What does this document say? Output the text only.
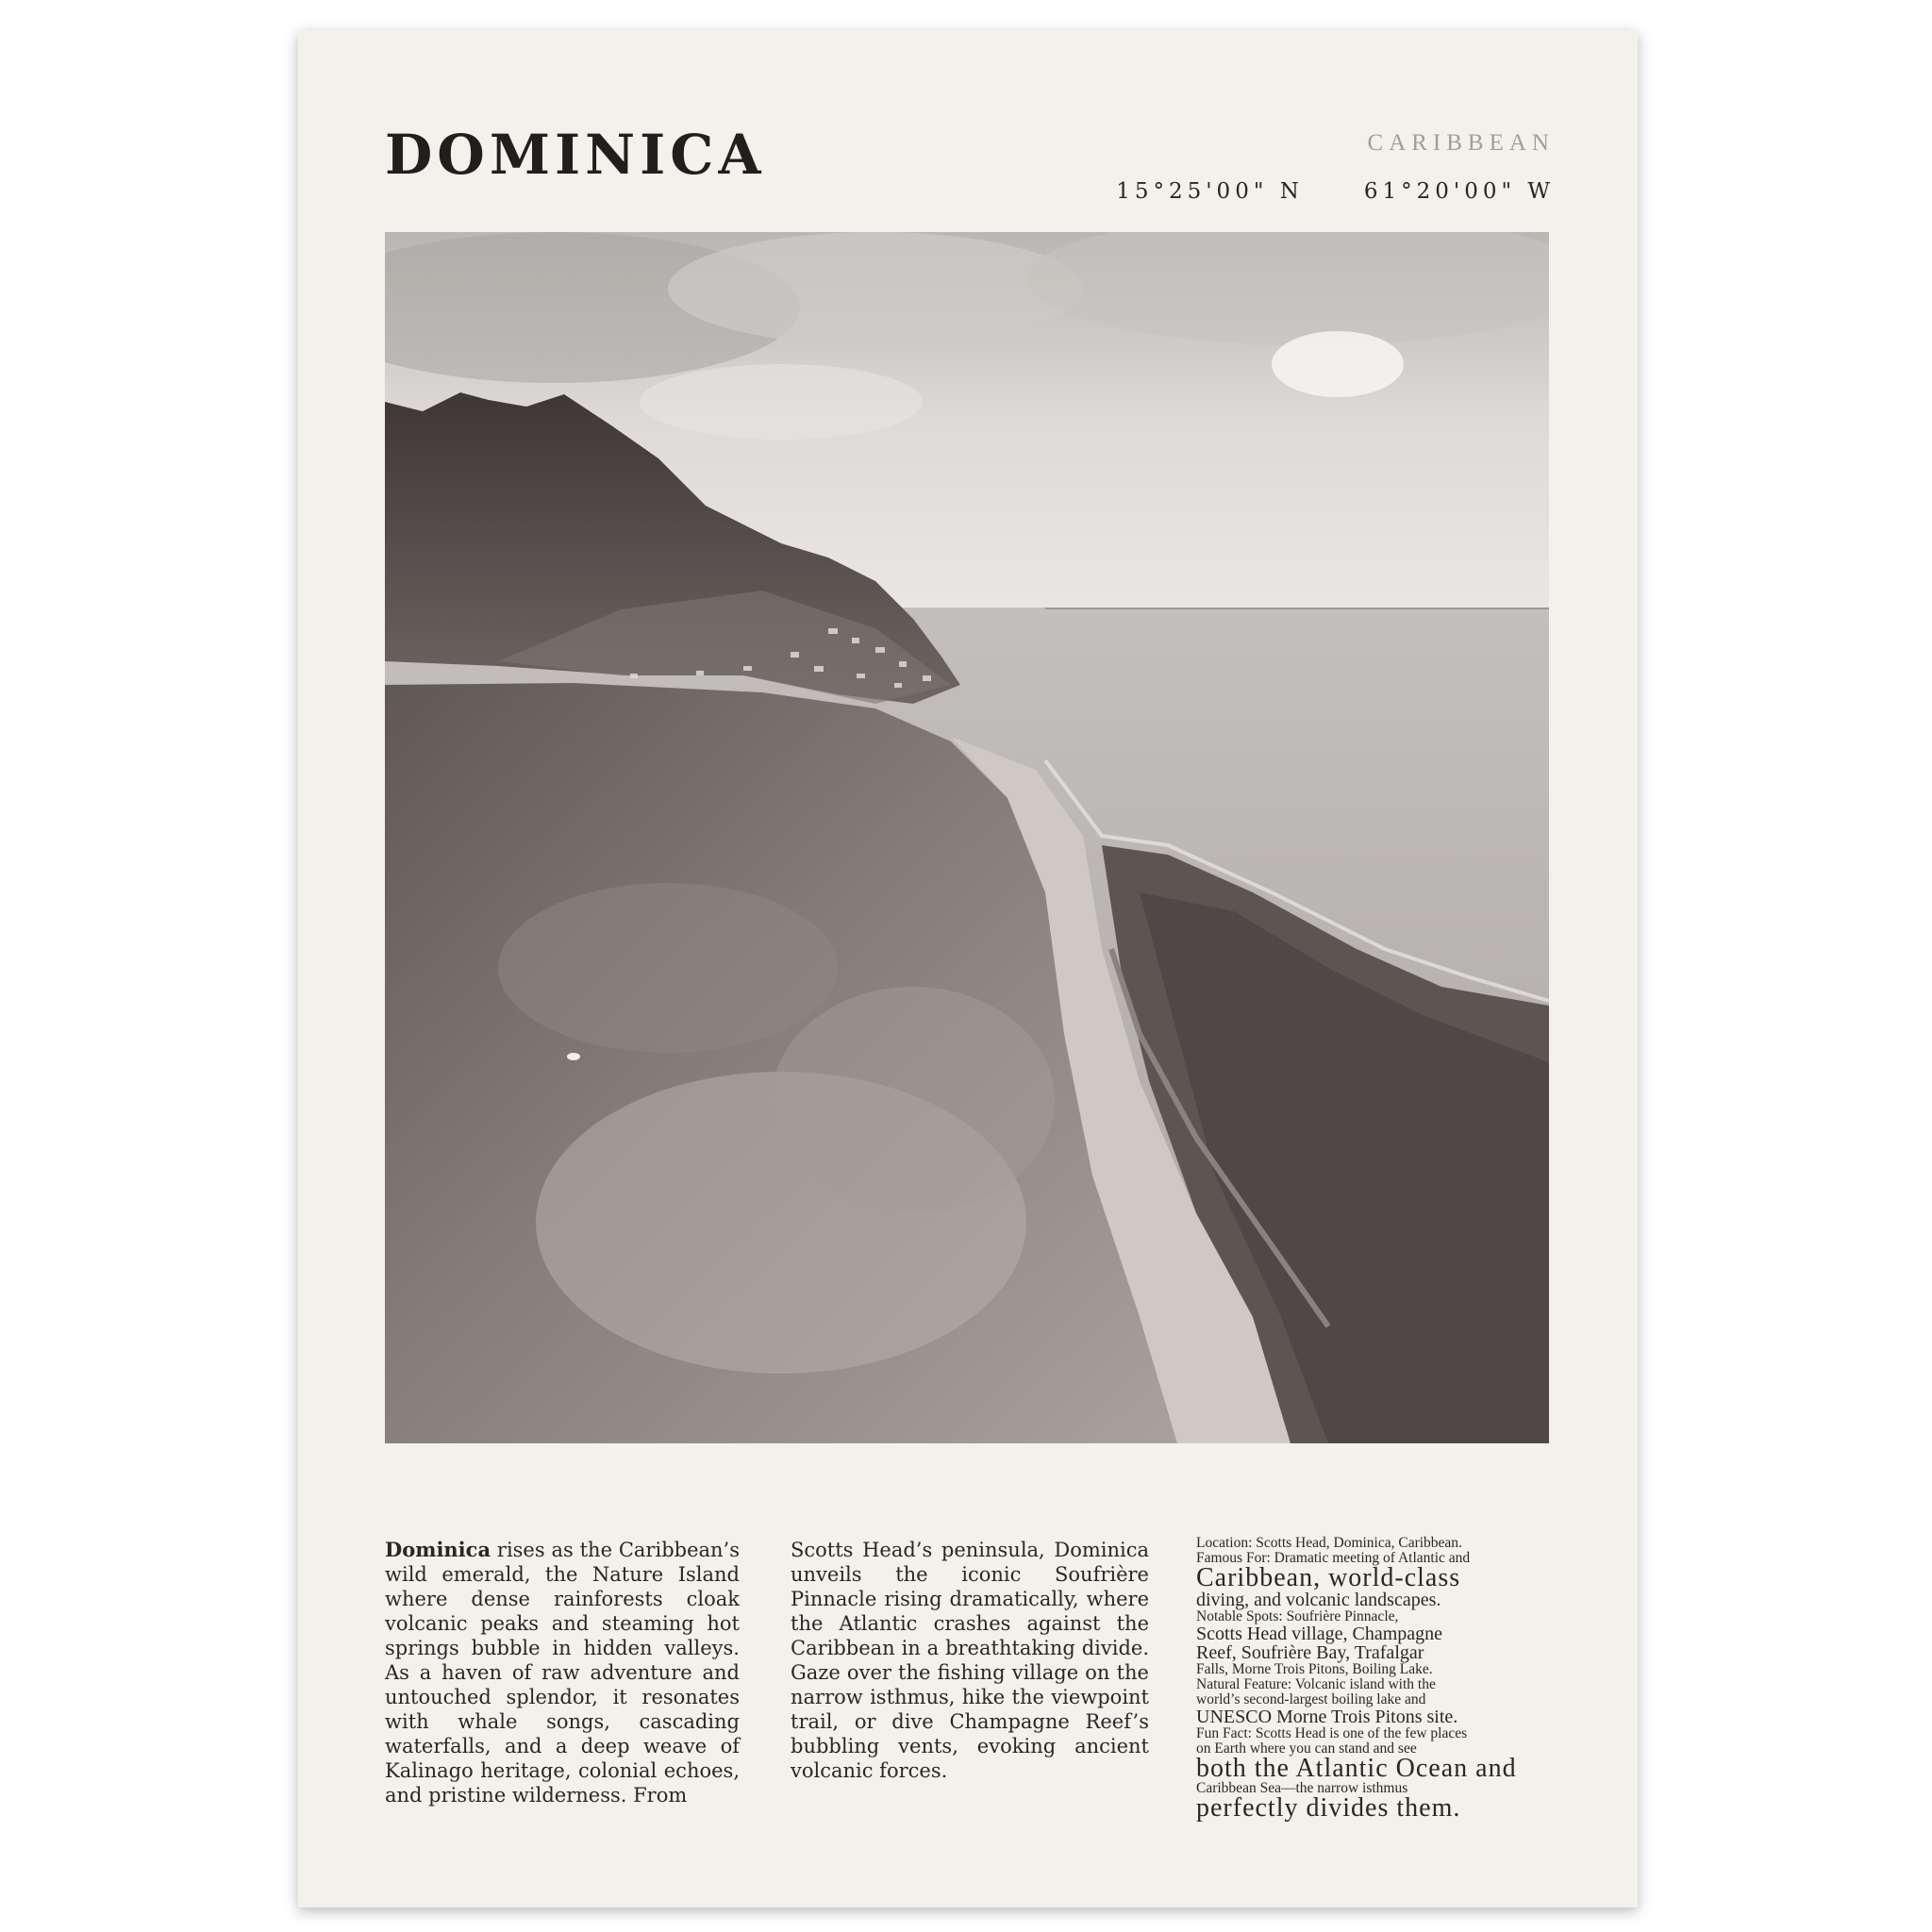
DOMINICA	CARIBBEAN
15°25'00" N	61°20'00" W
Dominica rises as the Caribbean’s wild emerald, the Nature Island where dense rainforests cloak volcanic peaks and steaming hot springs bubble in hidden valleys. As a haven of raw adventure and untouched splendor, it resonates with whale songs, cascading waterfalls, and a deep weave of Kalinago heritage, colonial echoes, and pristine wilderness. From
Scotts Head’s peninsula, Dominica unveils the iconic Soufrière Pinnacle rising dramatically, where the Atlantic crashes against the Caribbean in a breathtaking divide. Gaze over the fishing village on the narrow isthmus, hike the viewpoint trail, or dive Champagne Reef’s bubbling vents, evoking ancient volcanic forces.
Location: Scotts Head, Dominica, Caribbean.
Famous For: Dramatic meeting of Atlantic and
Caribbean, world-class
diving, and volcanic landscapes.
Notable Spots: Soufrière Pinnacle,
Scotts Head village, Champagne
Reef, Soufrière Bay, Trafalgar
Falls, Morne Trois Pitons, Boiling Lake.
Natural Feature: Volcanic island with the
world’s second-largest boiling lake and
UNESCO Morne Trois Pitons site.
Fun Fact: Scotts Head is one of the few places
on Earth where you can stand and see
both the Atlantic Ocean and
Caribbean Sea—the narrow isthmus
perfectly divides them.
